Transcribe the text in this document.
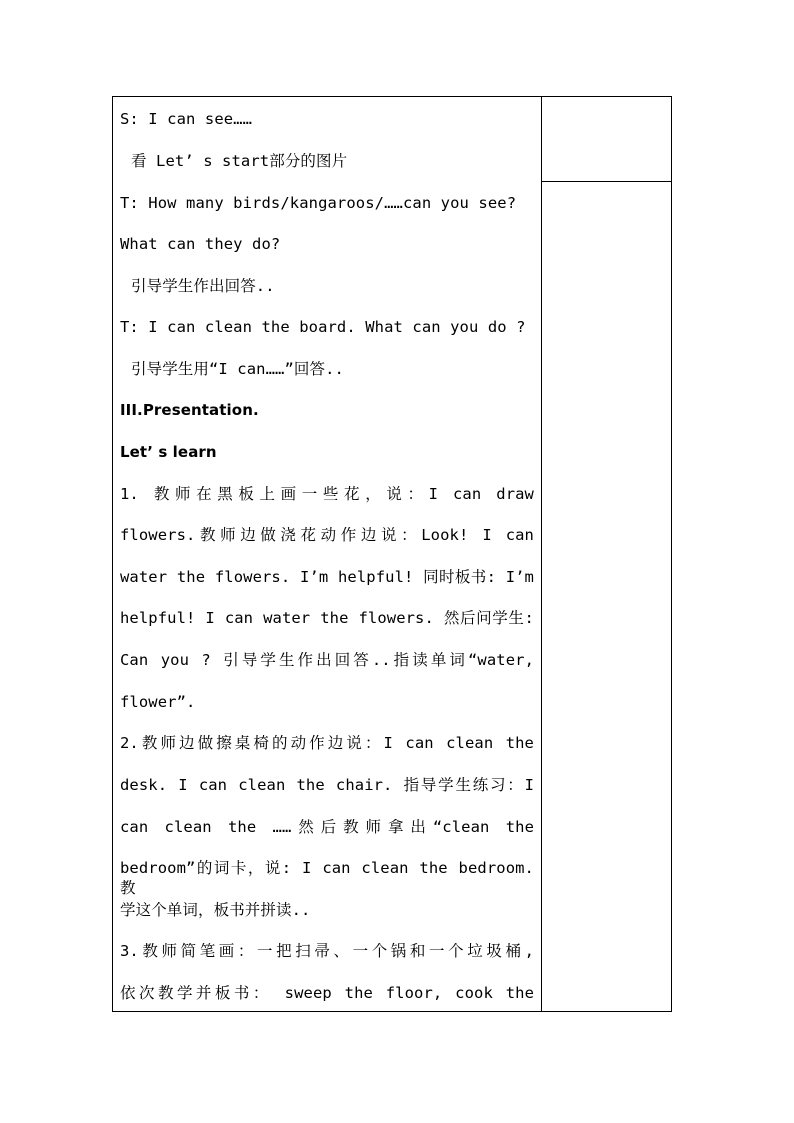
S: I can see……
看 Let’ s start部分的图片
T: How many birds/kangaroos/……can you see?
What can they do?
引导学生作出回答..
T: I can clean the board. What can you do ?
引导学生用“I can……”回答..
III.Presentation.
Let’ s learn
1. 教师在黑板上画一些花，说：I can draw
flowers.教师边做浇花动作边说：Look! I can
water the flowers. I’m helpful! 同时板书: I’m
helpful! I can water the flowers. 然后问学生:
Can you ? 引导学生作出回答..指读单词“water,
flower”.
2.教师边做擦桌椅的动作边说：I can clean the
desk. I can clean the chair. 指导学生练习：I
can clean the ……然后教师拿出“clean the
bedroom”的词卡，说: I can clean the bedroom. 教
学这个单词，板书并拼读..
3.教师简笔画：一把扫帚、一个锅和一个垃圾桶,
依次教学并板书： sweep the floor, cook the
